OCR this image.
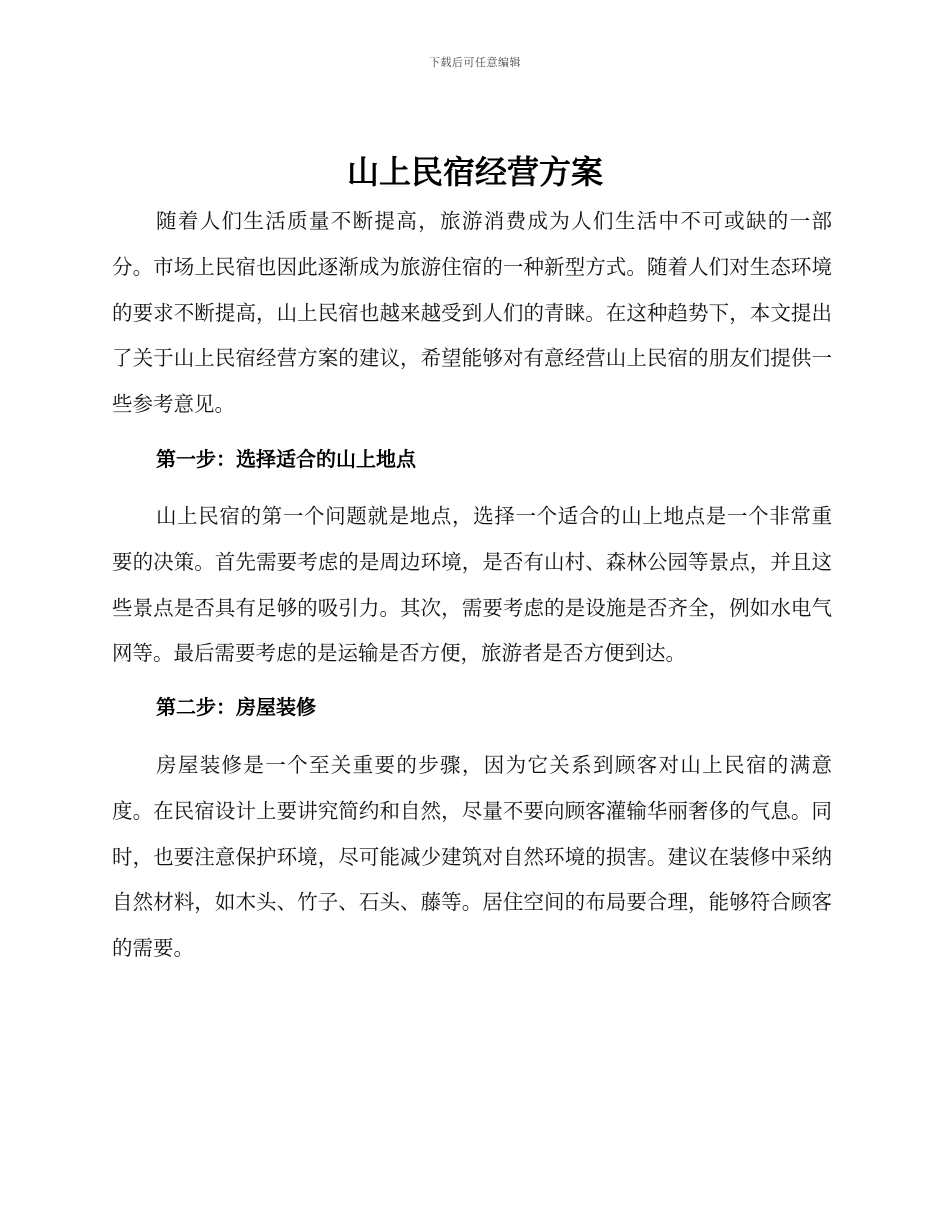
下载后可任意编辑
山上民宿经营方案

随着人们生活质量不断提高，旅游消费成为人们生活中不可或缺的一部分。市场上民宿也因此逐渐成为旅游住宿的一种新型方式。随着人们对生态环境的要求不断提高，山上民宿也越来越受到人们的青睐。在这种趋势下，本文提出了关于山上民宿经营方案的建议，希望能够对有意经营山上民宿的朋友们提供一些参考意见。

第一步：选择适合的山上地点

山上民宿的第一个问题就是地点，选择一个适合的山上地点是一个非常重要的决策。首先需要考虑的是周边环境，是否有山村、森林公园等景点，并且这些景点是否具有足够的吸引力。其次，需要考虑的是设施是否齐全，例如水电气网等。最后需要考虑的是运输是否方便，旅游者是否方便到达。

第二步：房屋装修

房屋装修是一个至关重要的步骤，因为它关系到顾客对山上民宿的满意度。在民宿设计上要讲究简约和自然，尽量不要向顾客灌输华丽奢侈的气息。同时，也要注意保护环境，尽可能减少建筑对自然环境的损害。建议在装修中采纳自然材料，如木头、竹子、石头、藤等。居住空间的布局要合理，能够符合顾客的需要。
